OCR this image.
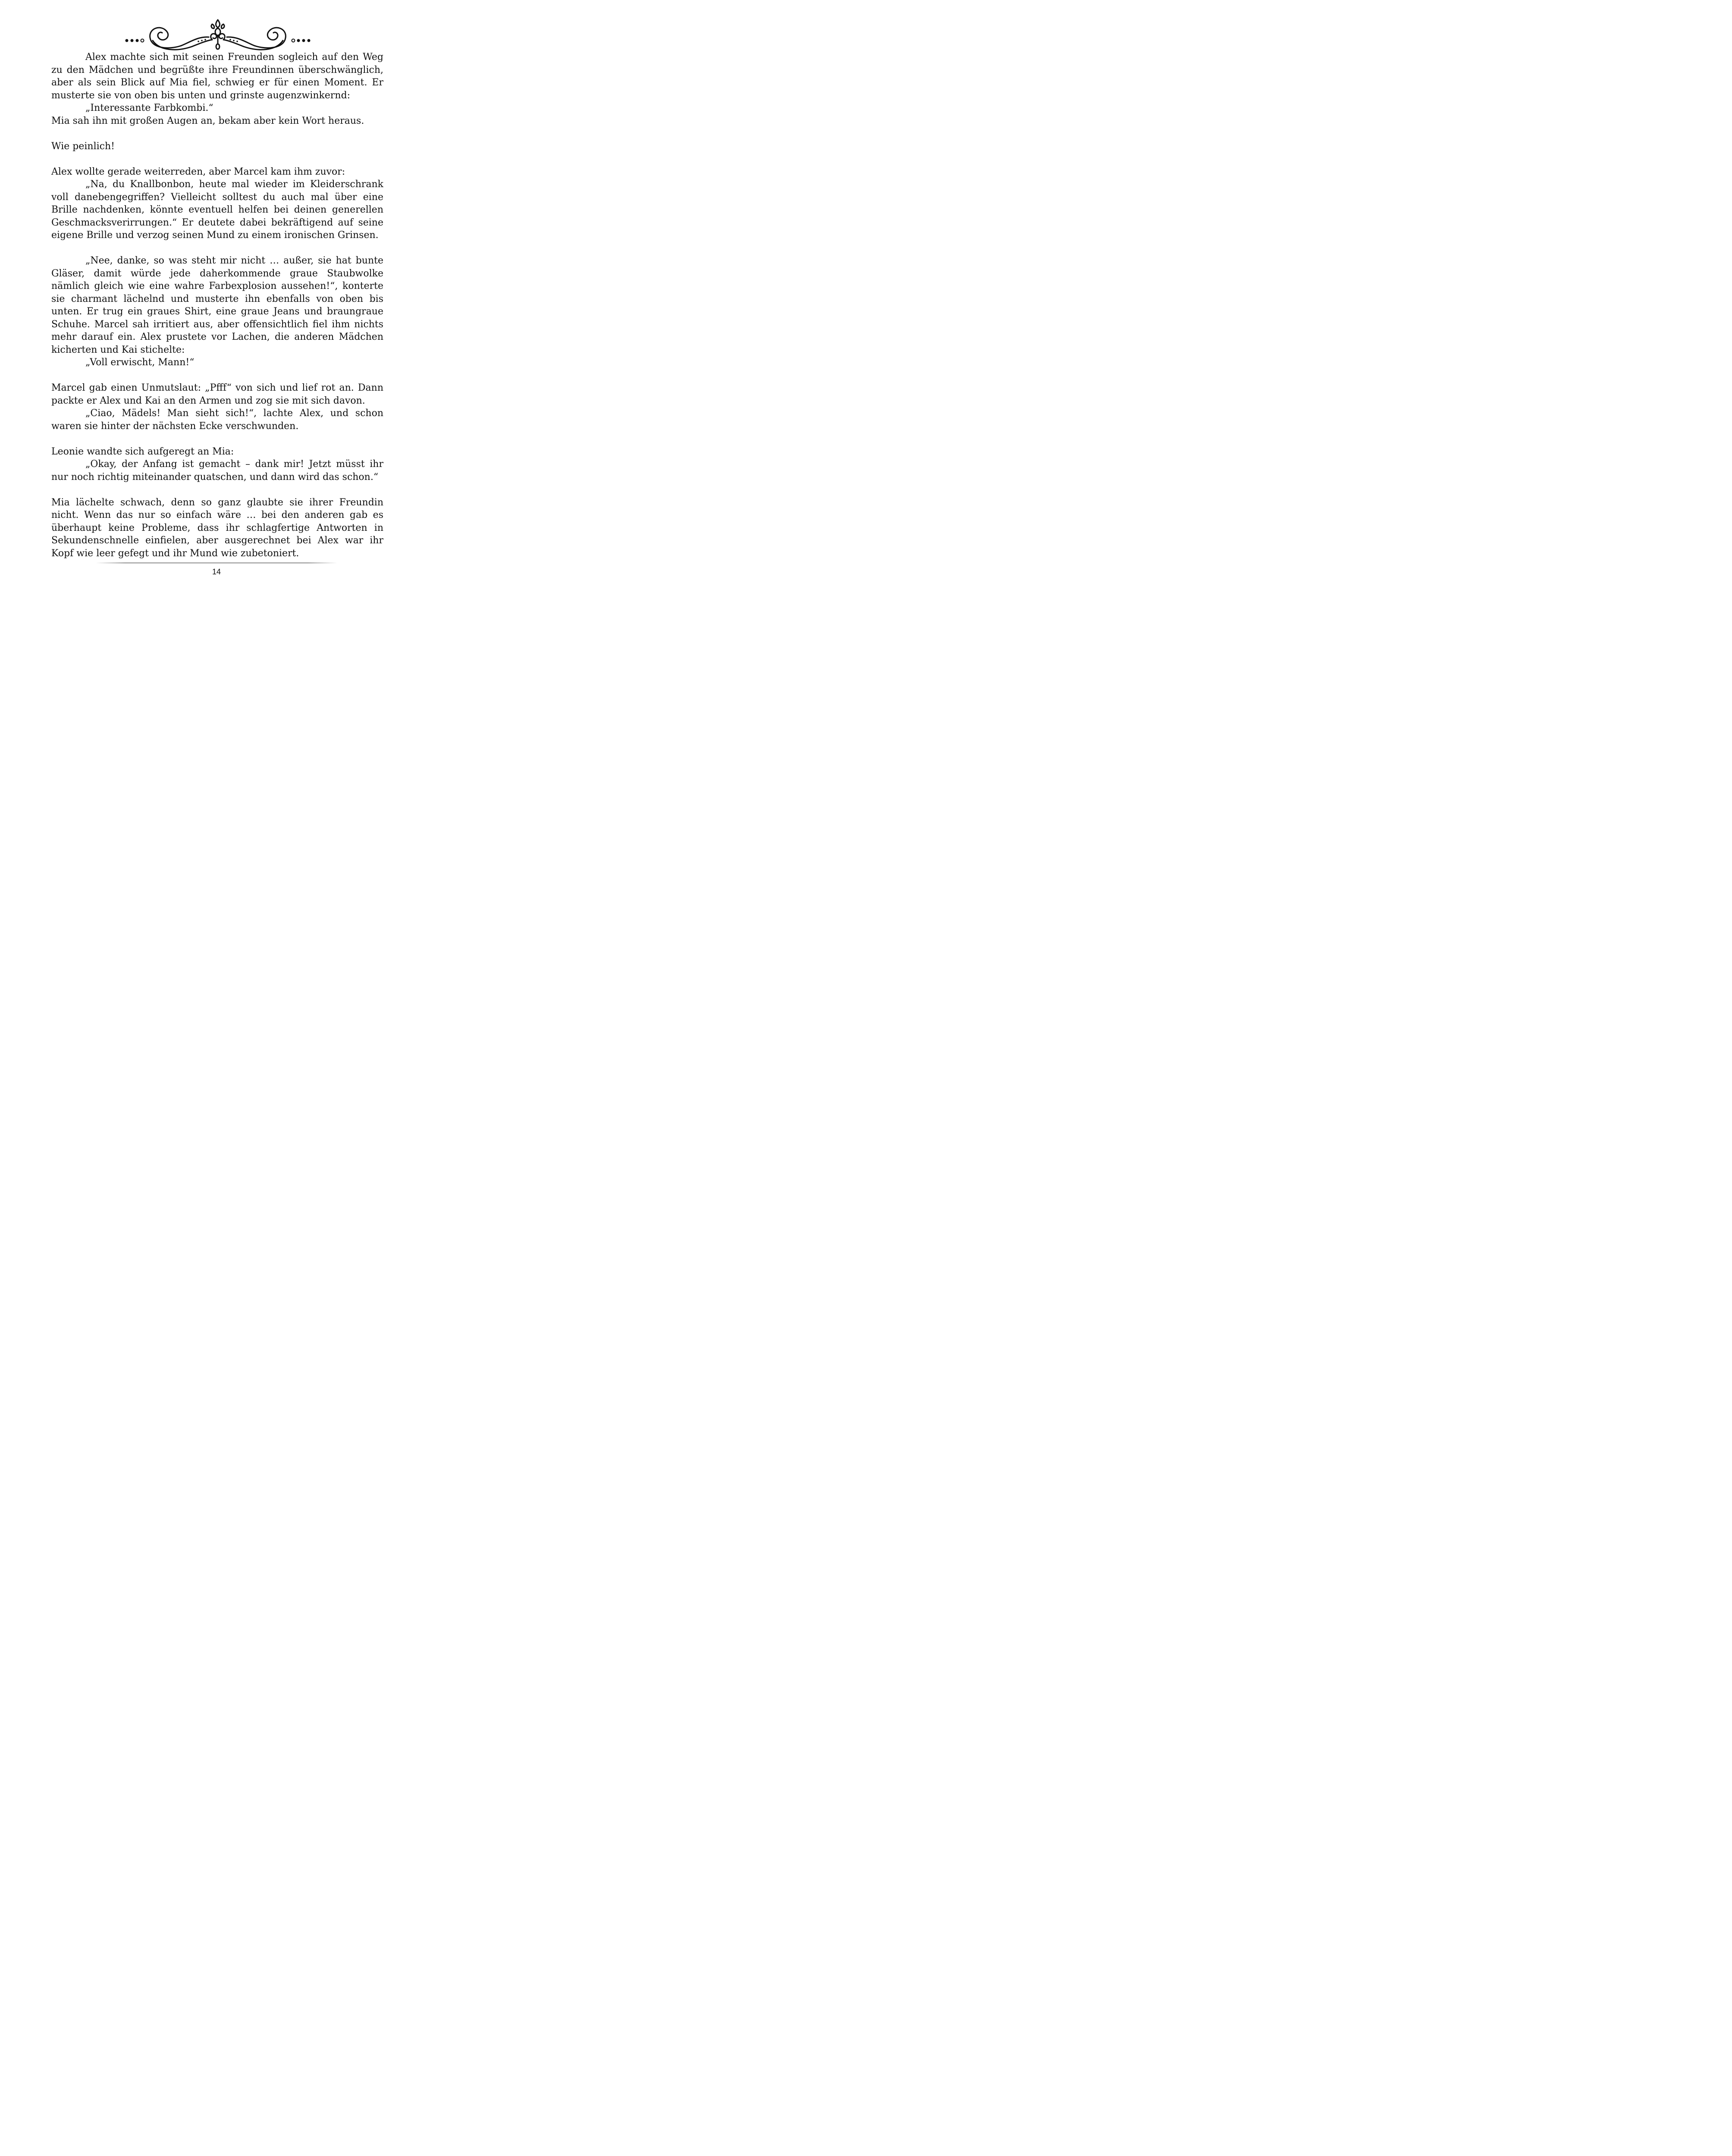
Alex machte sich mit seinen Freunden sogleich auf den Weg zu den Mädchen und begrüßte ihre Freundinnen überschwänglich, aber als sein Blick auf Mia fiel, schwieg er für einen Moment. Er musterte sie von oben bis unten und grinste augenzwinkernd:

„Interessante Farbkombi.“

Mia sah ihn mit großen Augen an, bekam aber kein Wort heraus.

Wie peinlich!

Alex wollte gerade weiterreden, aber Marcel kam ihm zuvor:

„Na, du Knallbonbon, heute mal wieder im Kleiderschrank voll danebengegriffen? Vielleicht solltest du auch mal über eine Brille nachdenken, könnte eventuell helfen bei deinen generellen Geschmacksverirrungen.“ Er deutete dabei bekräftigend auf seine eigene Brille und verzog seinen Mund zu einem ironischen Grinsen.

„Nee, danke, so was steht mir nicht … außer, sie hat bunte Gläser, damit würde jede daherkommende graue Staubwolke nämlich gleich wie eine wahre Farbexplosion aussehen!“, konterte sie charmant lächelnd und musterte ihn ebenfalls von oben bis unten. Er trug ein graues Shirt, eine graue Jeans und braungraue Schuhe. Marcel sah irritiert aus, aber offensichtlich fiel ihm nichts mehr darauf ein. Alex prustete vor Lachen, die anderen Mädchen kicherten und Kai stichelte:

„Voll erwischt, Mann!“

Marcel gab einen Unmutslaut: „Pfff“ von sich und lief rot an. Dann packte er Alex und Kai an den Armen und zog sie mit sich davon.

„Ciao, Mädels! Man sieht sich!“, lachte Alex, und schon waren sie hinter der nächsten Ecke verschwunden.

Leonie wandte sich aufgeregt an Mia:

„Okay, der Anfang ist gemacht – dank mir! Jetzt müsst ihr nur noch richtig miteinander quatschen, und dann wird das schon.“

Mia lächelte schwach, denn so ganz glaubte sie ihrer Freundin nicht. Wenn das nur so einfach wäre … bei den anderen gab es überhaupt keine Probleme, dass ihr schlagfertige Antworten in Sekundenschnelle einfielen, aber ausgerechnet bei Alex war ihr Kopf wie leer gefegt und ihr Mund wie zubetoniert.

14
